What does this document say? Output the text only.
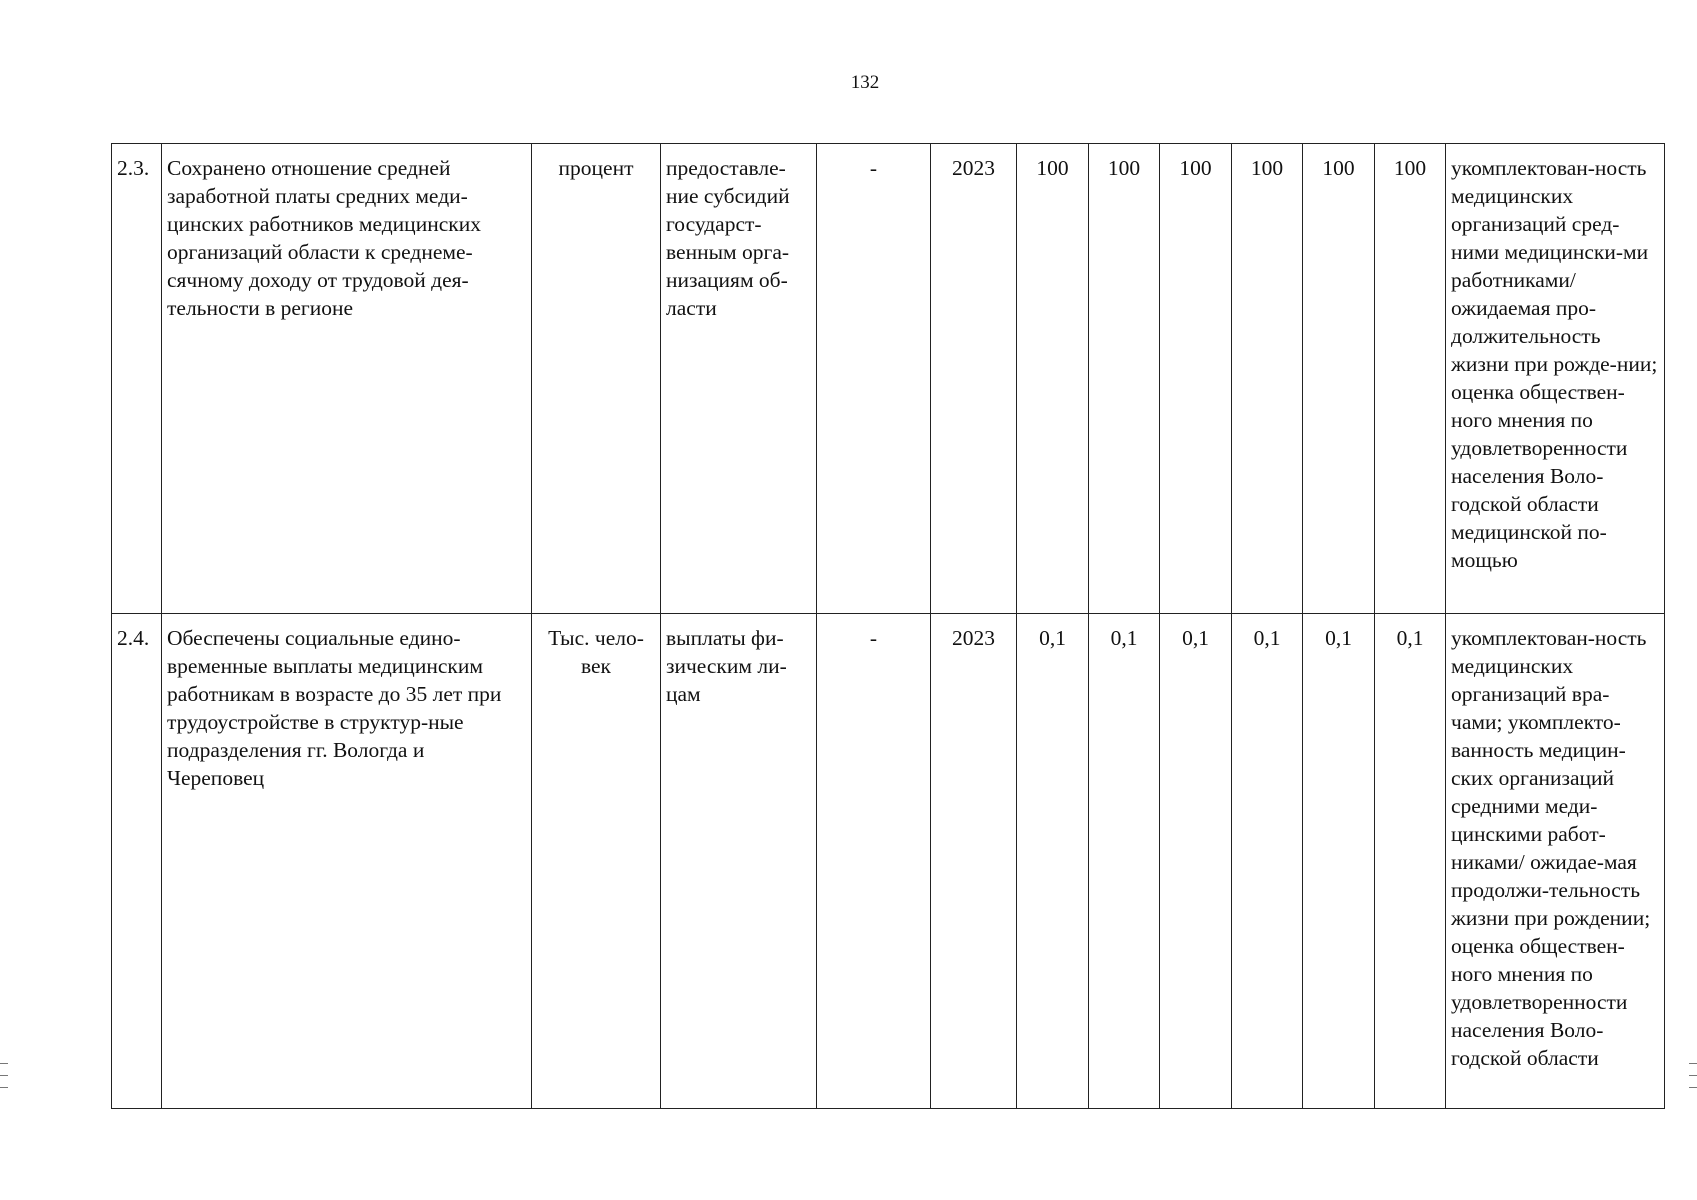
132
2.3.	Сохранено отношение средней заработной платы средних меди-цинских работников медицинских организаций области к среднеме-сячному доходу от трудовой дея-тельности в регионе	процент	предоставле-ние субсидий государст-венным орга-низациям об-ласти	-	2023	100	100	100	100	100	100	укомплектован-ность медицинских организаций сред-ними медицински-ми работниками/ ожидаемая про-должительность жизни при рожде-нии;
оценка обществен-ного мнения по удовлетворенности населения Воло-годской области медицинской по-мощью

2.4.	Обеспечены социальные едино-временные выплаты медицинским работникам в возрасте до 35 лет при трудоустройстве в структур-ные подразделения гг. Вологда и Череповец	Тыс. чело-век	выплаты фи-зическим ли-цам	-	2023	0,1	0,1	0,1	0,1	0,1	0,1	укомплектован-ность медицинских организаций вра-чами; укомплекто-ванность медицин-ских организаций средними меди-цинскими работ-никами/ ожидае-мая продолжи-тельность жизни при рождении;
оценка обществен-ного мнения по удовлетворенности населения Воло-годской области
